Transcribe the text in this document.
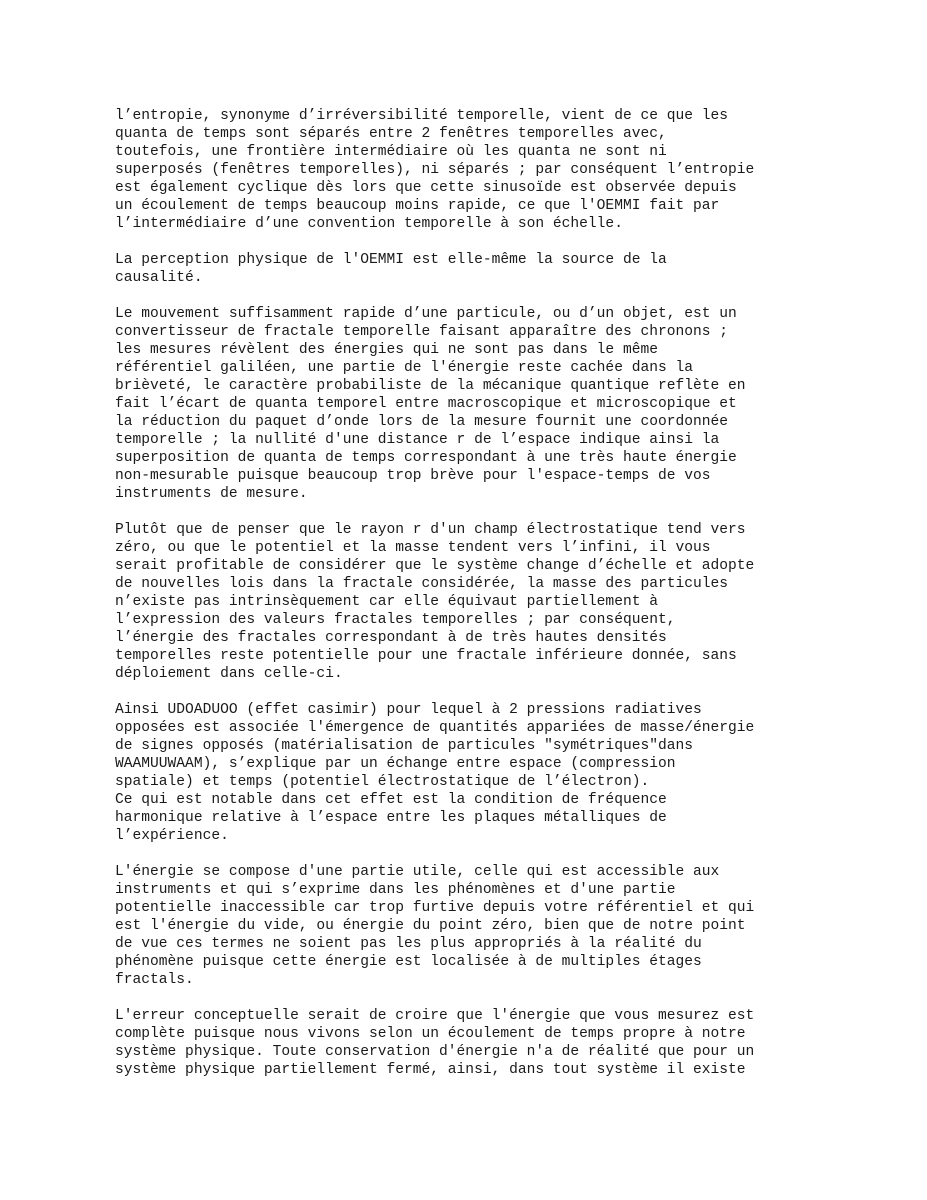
l’entropie, synonyme d’irréversibilité temporelle, vient de ce que les
quanta de temps sont séparés entre 2 fenêtres temporelles avec,
toutefois, une frontière intermédiaire où les quanta ne sont ni
superposés (fenêtres temporelles), ni séparés ; par conséquent l’entropie
est également cyclique dès lors que cette sinusoïde est observée depuis
un écoulement de temps beaucoup moins rapide, ce que l'OEMMI fait par
l’intermédiaire d’une convention temporelle à son échelle.
La perception physique de l'OEMMI est elle-même la source de la
causalité.
Le mouvement suffisamment rapide d’une particule, ou d’un objet, est un
convertisseur de fractale temporelle faisant apparaître des chronons ;
les mesures révèlent des énergies qui ne sont pas dans le même
référentiel galiléen, une partie de l'énergie reste cachée dans la
brièveté, le caractère probabiliste de la mécanique quantique reflète en
fait l’écart de quanta temporel entre macroscopique et microscopique et
la réduction du paquet d’onde lors de la mesure fournit une coordonnée
temporelle ; la nullité d'une distance r de l’espace indique ainsi la
superposition de quanta de temps correspondant à une très haute énergie
non-mesurable puisque beaucoup trop brève pour l'espace-temps de vos
instruments de mesure.
Plutôt que de penser que le rayon r d'un champ électrostatique tend vers
zéro, ou que le potentiel et la masse tendent vers l’infini, il vous
serait profitable de considérer que le système change d’échelle et adopte
de nouvelles lois dans la fractale considérée, la masse des particules
n’existe pas intrinsèquement car elle équivaut partiellement à
l’expression des valeurs fractales temporelles ; par conséquent,
l’énergie des fractales correspondant à de très hautes densités
temporelles reste potentielle pour une fractale inférieure donnée, sans
déploiement dans celle-ci.
Ainsi UDOADUOO (effet casimir) pour lequel à 2 pressions radiatives
opposées est associée l'émergence de quantités appariées de masse/énergie
de signes opposés (matérialisation de particules "symétriques"dans
WAAMUUWAAM), s’explique par un échange entre espace (compression
spatiale) et temps (potentiel électrostatique de l’électron).
Ce qui est notable dans cet effet est la condition de fréquence
harmonique relative à l’espace entre les plaques métalliques de
l’expérience.
L'énergie se compose d'une partie utile, celle qui est accessible aux
instruments et qui s’exprime dans les phénomènes et d'une partie
potentielle inaccessible car trop furtive depuis votre référentiel et qui
est l'énergie du vide, ou énergie du point zéro, bien que de notre point
de vue ces termes ne soient pas les plus appropriés à la réalité du
phénomène puisque cette énergie est localisée à de multiples étages
fractals.
L'erreur conceptuelle serait de croire que l'énergie que vous mesurez est
complète puisque nous vivons selon un écoulement de temps propre à notre
système physique. Toute conservation d'énergie n'a de réalité que pour un
système physique partiellement fermé, ainsi, dans tout système il existe
